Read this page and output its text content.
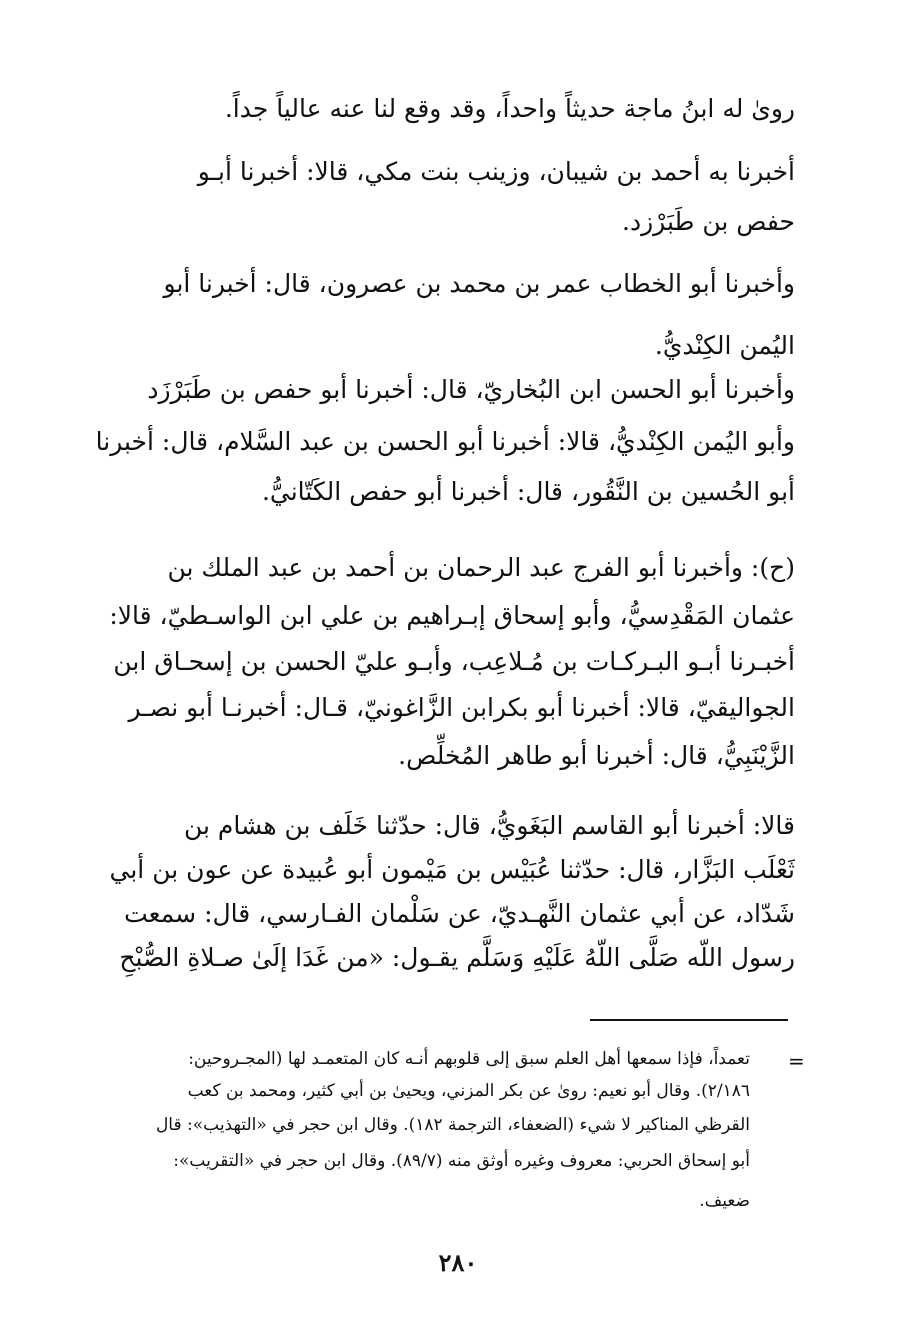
رویٰ له ابنُ ماجة حديثاً واحداً، وقد وقع لنا عنه عالياً جداً.
أخبرنا به أحمد بن شيبان، وزينب بنت مكي، قالا: أخبرنا أبـو
حفص بن طَبَرْزد.
وأخبرنا أبو الخطاب عمر بن محمد بن عصرون، قال: أخبرنا أبو
اليُمن الكِنْديُّ.
وأخبرنا أبو الحسن ابن البُخاريّ، قال: أخبرنا أبو حفص بن طَبَرْزَد
وأبو اليُمن الكِنْديُّ، قالا: أخبرنا أبو الحسن بن عبد السَّلام، قال: أخبرنا
أبو الحُسين بن النَّقُور، قال: أخبرنا أبو حفص الكَتّانيُّ.
(ح): وأخبرنا أبو الفرج عبد الرحمان بن أحمد بن عبد الملك بن
عثمان المَقْدِسيُّ، وأبو إسحاق إبـراهيم بن علي ابن الواسـطيّ، قالا:
أخبـرنا أبـو البـركـات بن مُـلاعِب، وأبـو عليّ الحسن بن إسحـاق ابن
الجواليقيّ، قالا: أخبرنا أبو بكرابن الزَّاغونيّ، قـال: أخبرنـا أبو نصـر
الزَّيْنَبِيُّ، قال: أخبرنا أبو طاهر المُخلِّص.
قالا: أخبرنا أبو القاسم البَغَويُّ، قال: حدّثنا خَلَف بن هشام بن
ثَعْلَب البَزَّار، قال: حدّثنا عُبَيْس بن مَيْمون أبو عُبيدة عن عون بن أبي
شَدّاد، عن أبي عثمان النَّهـديّ، عن سَلْمان الفـارسي، قال: سمعت
رسول اللّه صَلَّى اللّهُ عَلَيْهِ وَسَلَّم يقـول: «من غَدَا إلَىٰ صـلاةِ الصُّبْحِ
=
تعمداً، فإذا سمعها أهل العلم سبق إلى قلوبهم أنـه كان المتعمـد لها (المجـروحين:
٢/١٨٦). وقال أبو نعيم: روىٰ عن بكر المزني، ويحيىٰ بن أبي كثير، ومحمد بن كعب
القرظي المناكير لا شيء (الضعفاء، الترجمة ١٨٢). وقال ابن حجر في «التهذيب»: قال
أبو إسحاق الحربي: معروف وغيره أوثق منه (٨٩/٧). وقال ابن حجر في «التقريب»:
ضعيف.
٢٨٠
